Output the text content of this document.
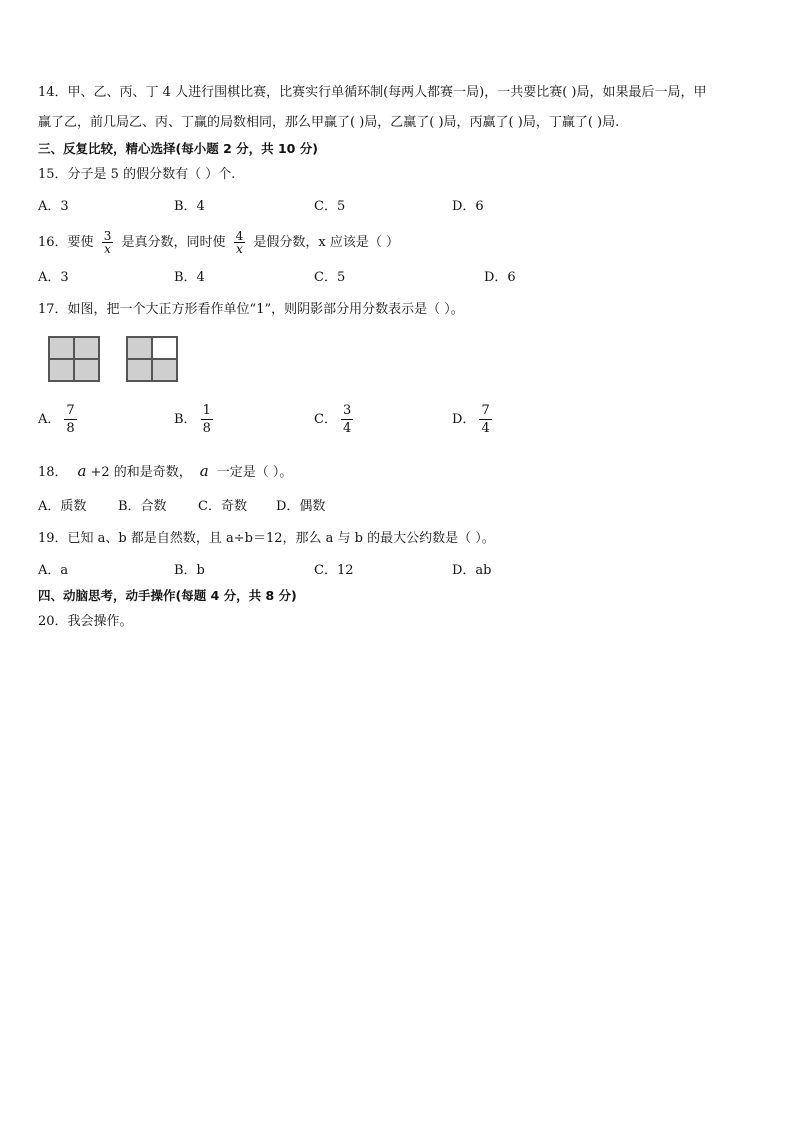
14．甲、乙、丙、丁 4 人进行围棋比赛，比赛实行单循环制(每两人都赛一局)，一共要比赛( )局，如果最后一局，甲
赢了乙，前几局乙、丙、丁赢的局数相同，那么甲赢了( )局，乙赢了( )局，丙赢了( )局，丁赢了( )局.
三、反复比较，精心选择(每小题 2 分，共 10 分)
15．分子是 5 的假分数有（ ）个.
A．3	B．4	C．5	D．6
16．要使 $\frac{3}{x}$ 是真分数，同时使 $\frac{4}{x}$ 是假分数，x 应该是（ ）
A．3	B．4	C．5	D．6
17．如图，把一个大正方形看作单位“1”，则阴影部分用分数表示是（ ）。
A． $\frac{7}{8}$	B． $\frac{1}{8}$	C． $\frac{3}{4}$	D． $\frac{7}{4}$
18． a +2 的和是奇数， a 一定是（ ）。
A．质数 B．合数 C．奇数 D．偶数
19．已知 a、b 都是自然数，且 a÷b＝12，那么 a 与 b 的最大公约数是（ ）。
A．a	B．b	C．12	D．ab
四、动脑思考，动手操作(每题 4 分，共 8 分)
20．我会操作。
